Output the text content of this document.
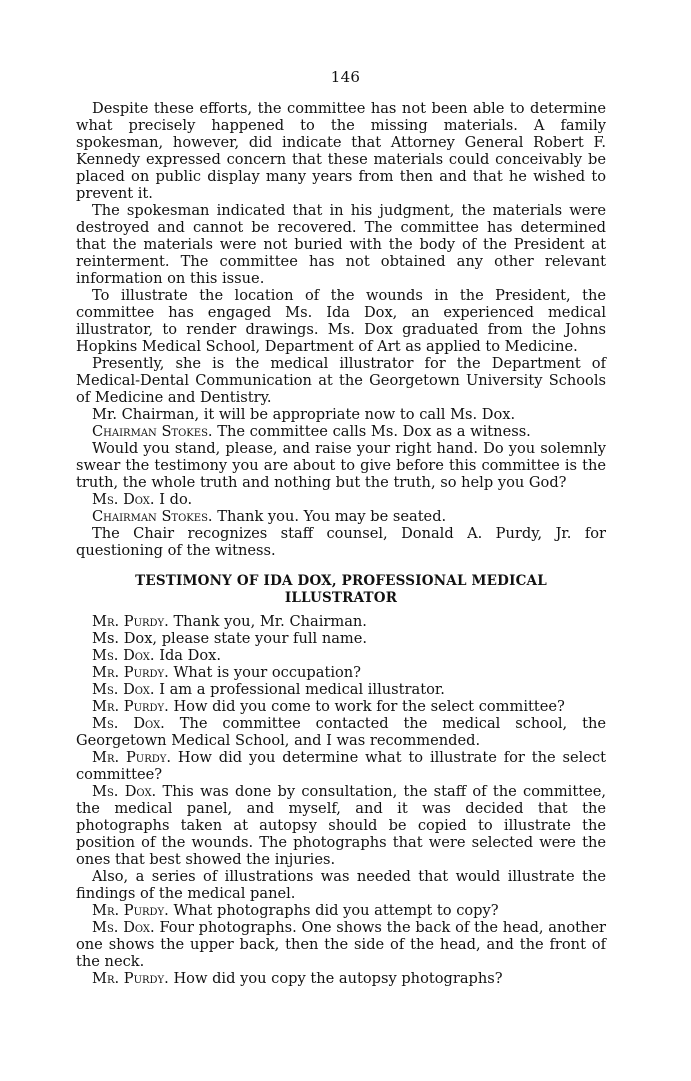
146

Despite these efforts, the committee has not been able to determine what precisely happened to the missing materials. A family spokesman, however, did indicate that Attorney General Robert F. Kennedy expressed concern that these materials could conceivably be placed on public display many years from then and that he wished to prevent it.

The spokesman indicated that in his judgment, the materials were destroyed and cannot be recovered. The committee has determined that the materials were not buried with the body of the President at reinterment. The committee has not obtained any other relevant information on this issue.

To illustrate the location of the wounds in the President, the committee has engaged Ms. Ida Dox, an experienced medical illustrator, to render drawings. Ms. Dox graduated from the Johns Hopkins Medical School, Department of Art as applied to Medicine.

Presently, she is the medical illustrator for the Department of Medical-Dental Communication at the Georgetown University Schools of Medicine and Dentistry.

Mr. Chairman, it will be appropriate now to call Ms. Dox.

Chairman Stokes. The committee calls Ms. Dox as a witness.

Would you stand, please, and raise your right hand. Do you solemnly swear the testimony you are about to give before this committee is the truth, the whole truth and nothing but the truth, so help you God?

Ms. Dox. I do.

Chairman Stokes. Thank you. You may be seated.

The Chair recognizes staff counsel, Donald A. Purdy, Jr. for questioning of the witness.

TESTIMONY OF IDA DOX, PROFESSIONAL MEDICAL ILLUSTRATOR

Mr. Purdy. Thank you, Mr. Chairman.

Ms. Dox, please state your full name.

Ms. Dox. Ida Dox.

Mr. Purdy. What is your occupation?

Ms. Dox. I am a professional medical illustrator.

Mr. Purdy. How did you come to work for the select committee?

Ms. Dox. The committee contacted the medical school, the Georgetown Medical School, and I was recommended.

Mr. Purdy. How did you determine what to illustrate for the select committee?

Ms. Dox. This was done by consultation, the staff of the committee, the medical panel, and myself, and it was decided that the photographs taken at autopsy should be copied to illustrate the position of the wounds. The photographs that were selected were the ones that best showed the injuries.

Also, a series of illustrations was needed that would illustrate the findings of the medical panel.

Mr. Purdy. What photographs did you attempt to copy?

Ms. Dox. Four photographs. One shows the back of the head, another one shows the upper back, then the side of the head, and the front of the neck.

Mr. Purdy. How did you copy the autopsy photographs?
